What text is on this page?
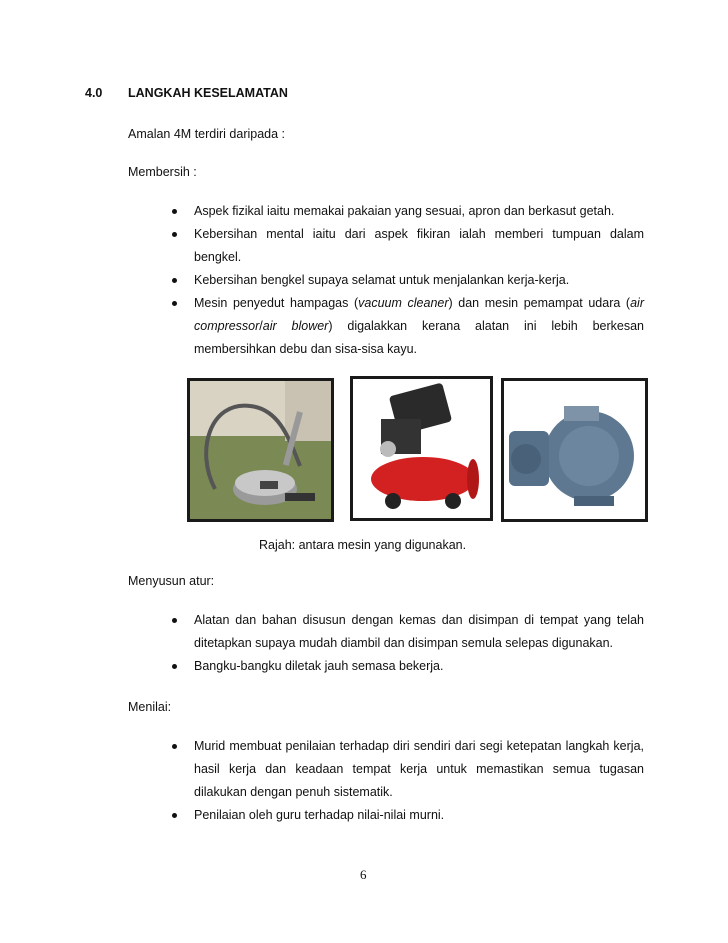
4.0 LANGKAH KESELAMATAN
Amalan 4M terdiri daripada :
Membersih :
Aspek fizikal iaitu memakai pakaian yang sesuai, apron dan berkasut getah.
Kebersihan mental iaitu dari aspek fikiran ialah memberi tumpuan dalam bengkel.
Kebersihan bengkel supaya selamat untuk menjalankan kerja-kerja.
Mesin penyedut hampagas (vacuum cleaner) dan mesin pemampat udara (air compressor/air blower) digalakkan kerana alatan ini lebih berkesan membersihkan debu dan sisa-sisa kayu.
Rajah: antara mesin yang digunakan.
Menyusun atur:
Alatan dan bahan disusun dengan kemas dan disimpan di tempat yang telah ditetapkan supaya mudah diambil dan disimpan semula selepas digunakan.
Bangku-bangku diletak jauh semasa bekerja.
Menilai:
Murid membuat penilaian terhadap diri sendiri dari segi ketepatan langkah kerja, hasil kerja dan keadaan tempat kerja untuk memastikan semua tugasan dilakukan dengan penuh sistematik.
Penilaian oleh guru terhadap nilai-nilai murni.
6
